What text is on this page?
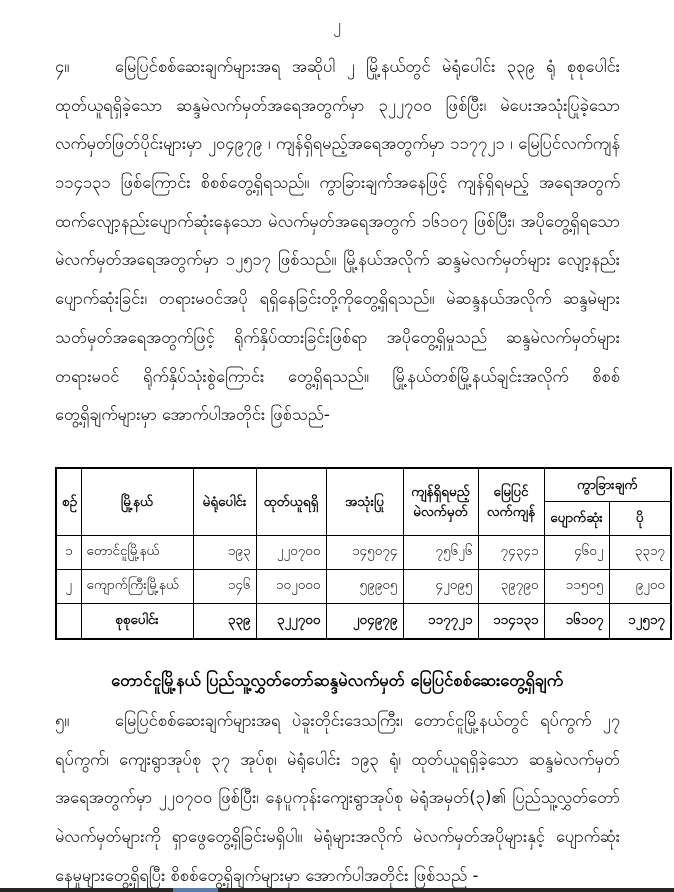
၂
၄။	မြေပြင်စစ်ဆေးချက်များအရ အဆိုပါ ၂ မြို့နယ်တွင် မဲရုံပေါင်း ၃၃၉ ရုံ စုစုပေါင်း
ထုတ်ယူရရှိခဲ့သော ဆန္ဒမဲလက်မှတ်အရေအတွက်မှာ ၃၂၂၇၀၀ ဖြစ်ပြီး၊ မဲပေးအသုံးပြုခဲ့သော
လက်မှတ်ဖြတ်ပိုင်းများမှာ ၂၀၄၉၇၉ ၊ ကျန်ရှိရမည့်အရေအတွက်မှာ ၁၁၇၇၂၁ ၊ မြေပြင်လက်ကျန်
၁၁၄၁၃၁ ဖြစ်ကြောင်း စိစစ်တွေ့ရှိရသည်။ ကွာခြားချက်အနေဖြင့် ကျန်ရှိရမည့် အရေအတွက်
ထက်လျော့နည်းပျောက်ဆုံးနေသော မဲလက်မှတ်အရေအတွက် ၁၆၁၀၇ ဖြစ်ပြီး၊ အပိုတွေ့ရှိရသော
မဲလက်မှတ်အရေအတွက်မှာ ၁၂၅၁၇ ဖြစ်သည်။ မြို့နယ်အလိုက် ဆန္ဒမဲလက်မှတ်များ လျော့နည်း
ပျောက်ဆုံးခြင်း၊ တရားမဝင်အပို ရရှိနေခြင်းတို့ကိုတွေ့ရှိရသည်။ မဲဆန္ဒနယ်အလိုက် ဆန္ဒမဲများ
သတ်မှတ်အရေအတွက်ဖြင့် ရိုက်နှိပ်ထားခြင်းဖြစ်ရာ အပိုတွေ့ရှိမှုသည် ဆန္ဒမဲလက်မှတ်များ
တရားမဝင် ရိုက်နှိပ်သုံးစွဲကြောင်း တွေ့ရှိရသည်။ မြို့နယ်တစ်မြို့နယ်ချင်းအလိုက် စိစစ်
တွေ့ရှိချက်များမှာ အောက်ပါအတိုင်း ဖြစ်သည်-
စဉ်	မြို့နယ်	မဲရုံပေါင်း	ထုတ်ယူရရှိ	အသုံးပြု	ကျန်ရှိရမည့်
မဲလက်မှတ်	မြေပြင်
လက်ကျန်	ကွာခြားချက်	
							ပျောက်ဆုံး	ပို
၁	တောင်ငူမြို့နယ်	၁၉၃	၂၂၀၇၀၀	၁၄၅၀၇၄	၇၅၆၂၆	၇၄၃၄၁	၄၆၀၂	၃၃၁၇
၂	ကျောက်ကြီးမြို့နယ်	၁၄၆	၁၀၂၀၀၀	၅၉၉၀၅	၄၂၀၉၅	၃၉၇၉၀	၁၁၅၀၅	၉၂၀၀
	စုစုပေါင်း	၃၃၉	၃၂၂၇၀၀	၂၀၄၉၇၉	၁၁၇၇၂၁	၁၁၄၁၃၁	၁၆၁၀၇	၁၂၅၁၇
တောင်ငူမြို့နယ် ပြည်သူ့လွှတ်တော်ဆန္ဒမဲလက်မှတ် မြေပြင်စစ်ဆေးတွေ့ရှိချက်
၅။	မြေပြင်စစ်ဆေးချက်များအရ ပဲခူးတိုင်းဒေသကြီး၊ တောင်ငူမြို့နယ်တွင် ရပ်ကွက် ၂၇
ရပ်ကွက်၊ ကျေးရွာအုပ်စု ၃၇ အုပ်စု၊ မဲရုံပေါင်း ၁၉၃ ရုံ၊ ထုတ်ယူရရှိခဲ့သော ဆန္ဒမဲလက်မှတ်
အရေအတွက်မှာ ၂၂၀၇၀၀ ဖြစ်ပြီး၊ နေပူကုန်းကျေးရွာအုပ်စု မဲရုံအမှတ်(၃)၏ ပြည်သူ့လွှတ်တော်
မဲလက်မှတ်များကို ရှာဖွေတွေ့ရှိခြင်းမရှိပါ။ မဲရုံများအလိုက် မဲလက်မှတ်အပိုများနှင့် ပျောက်ဆုံး
နေမှုများတွေ့ရှိရပြီး စိစစ်တွေ့ရှိချက်များမှာ အောက်ပါအတိုင်း ဖြစ်သည် -
